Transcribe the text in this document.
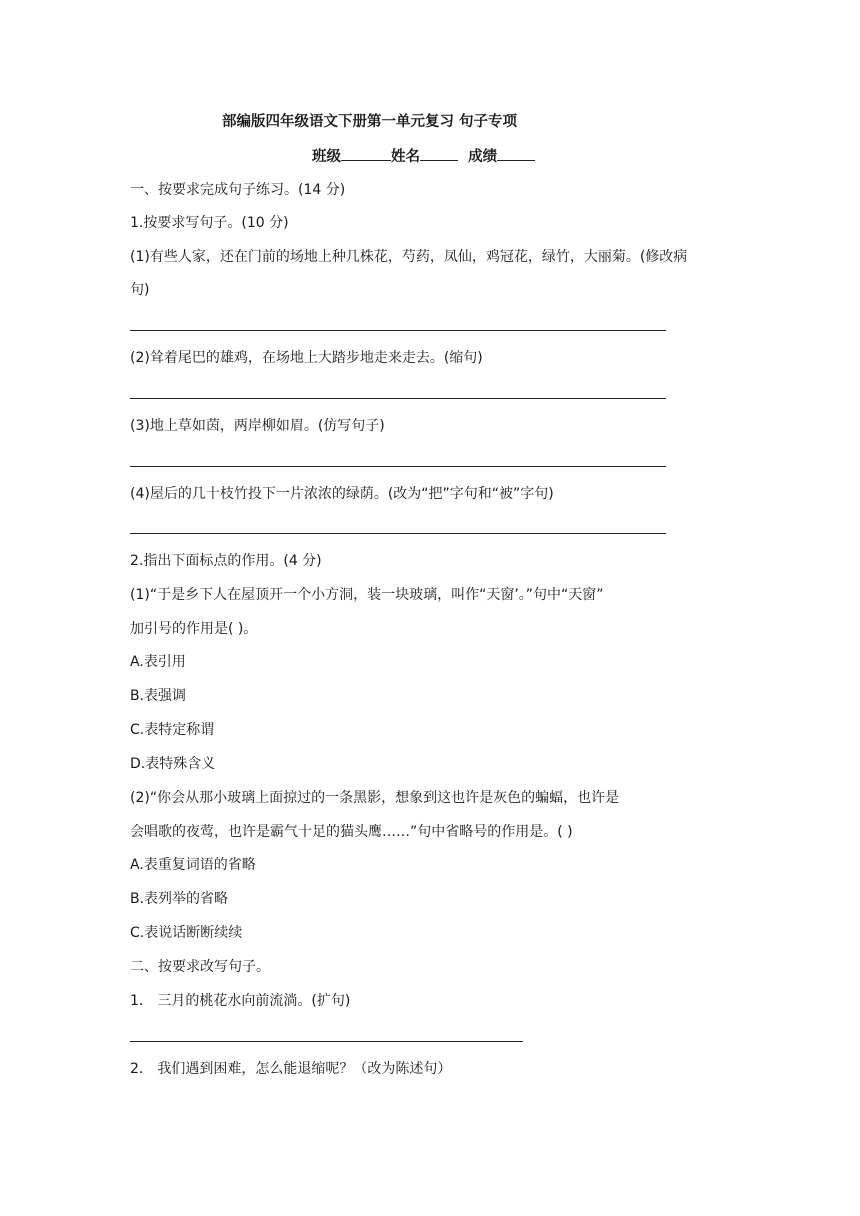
部编版四年级语文下册第一单元复习 句子专项
班级	姓名	成绩
一、按要求完成句子练习。(14 分)
1.按要求写句子。(10 分)
(1)有些人家，还在门前的场地上种几株花，芍药，凤仙，鸡冠花，绿竹，大丽菊。(修改病
句)
(2)耸着尾巴的雄鸡，在场地上大踏步地走来走去。(缩句)
(3)地上草如茵，两岸柳如眉。(仿写句子)
(4)屋后的几十枝竹投下一片浓浓的绿荫。(改为“把”字句和“被”字句)
2.指出下面标点的作用。(4 分)
(1)“于是乡下人在屋顶开一个小方洞，装一块玻璃，叫作“天窗’。”句中“天窗”
加引号的作用是( )。
A.表引用
B.表强调
C.表特定称谓
D.表特殊含义
(2)“你会从那小玻璃上面掠过的一条黑影，想象到这也许是灰色的蝙蝠，也许是
会唱歌的夜莺，也许是霸气十足的猫头鹰……”句中省略号的作用是。( )
A.表重复词语的省略
B.表列举的省略
C.表说话断断续续
二、按要求改写句子。
1． 三月的桃花水向前流淌。(扩句)
2． 我们遇到困难，怎么能退缩呢？（改为陈述句）
